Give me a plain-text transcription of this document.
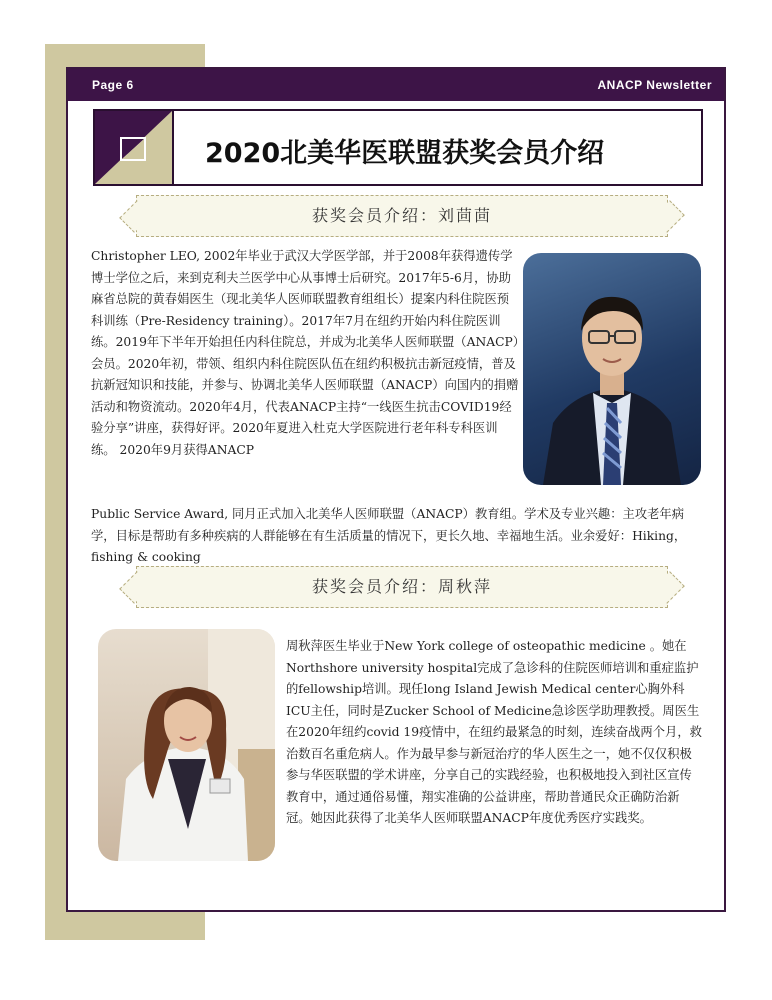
Page 6	ANACP Newsletter
2020北美华医联盟获奖会员介绍
获奖会员介绍：刘茴茴
Christopher LEO, 2002年毕业于武汉大学医学部，并于2008年获得遗传学博士学位之后，来到克利夫兰医学中心从事博士后研究。2017年5-6月，协助麻省总院的黄春娟医生（现北美华人医师联盟教育组组长）提案内科住院医预科训练（Pre-Residency training）。2017年7月在纽约开始内科住院医训练。2019年下半年开始担任内科住院总，并成为北美华人医师联盟（ANACP）会员。2020年初，带领、组织内科住院医队伍在纽约积极抗击新冠疫情，普及抗新冠知识和技能，并参与、协调北美华人医师联盟（ANACP）向国内的捐赠活动和物资流动。2020年4月，代表ANACP主持“一线医生抗击COVID19经验分享”讲座，获得好评。2020年夏进入杜克大学医院进行老年科专科医训练。 2020年9月获得ANACP
Public Service Award, 同月正式加入北美华人医师联盟（ANACP）教育组。学术及专业兴趣：主攻老年病学，目标是帮助有多种疾病的人群能够在有生活质量的情况下，更长久地、幸福地生活。业余爱好：Hiking，fishing & cooking
获奖会员介绍：周秋萍
周秋萍医生毕业于New York college of osteopathic medicine 。她在Northshore university hospital完成了急诊科的住院医师培训和重症监护的fellowship培训。现任long Island Jewish Medical center心胸外科ICU主任，同时是Zucker School of Medicine急诊医学助理教授。周医生在2020年纽约covid 19疫情中，在纽约最紧急的时刻，连续奋战两个月，救治数百名重危病人。作为最早参与新冠治疗的华人医生之一，她不仅仅积极参与华医联盟的学术讲座，分享自己的实践经验，也积极地投入到社区宣传教育中，通过通俗易懂，翔实准确的公益讲座，帮助普通民众正确防治新冠。她因此获得了北美华人医师联盟ANACP年度优秀医疗实践奖。
